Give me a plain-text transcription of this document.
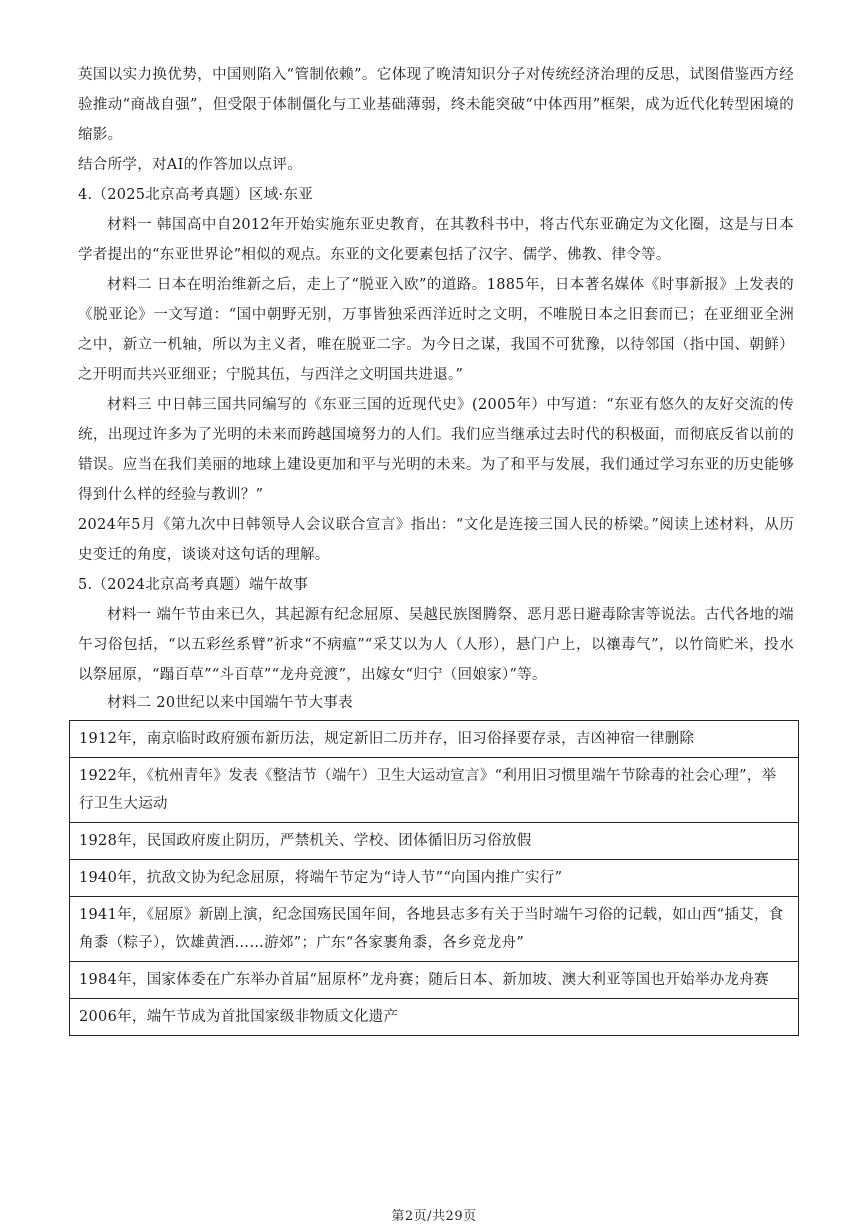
英国以实力换优势，中国则陷入“管制依赖”。它体现了晚清知识分子对传统经济治理的反思，试图借鉴西方经验推动“商战自强”，但受限于体制僵化与工业基础薄弱，终未能突破“中体西用”框架，成为近代化转型困境的缩影。

结合所学，对AI的作答加以点评。

4.（2025北京高考真题）区域·东亚

材料一 韩国高中自2012年开始实施东亚史教育，在其教科书中，将古代东亚确定为文化圈，这是与日本学者提出的“东亚世界论”相似的观点。东亚的文化要素包括了汉字、儒学、佛教、律令等。

材料二 日本在明治维新之后，走上了“脱亚入欧”的道路。1885年，日本著名媒体《时事新报》上发表的《脱亚论》一文写道：“国中朝野无别，万事皆独采西洋近时之文明，不唯脱日本之旧套而已；在亚细亚全洲之中，新立一机轴，所以为主义者，唯在脱亚二字。为今日之谋，我国不可犹豫，以待邻国（指中国、朝鲜）之开明而共兴亚细亚；宁脱其伍，与西洋之文明国共进退。”

材料三 中日韩三国共同编写的《东亚三国的近现代史》(2005年）中写道：“东亚有悠久的友好交流的传统，出现过许多为了光明的未来而跨越国境努力的人们。我们应当继承过去时代的积极面，而彻底反省以前的错误。应当在我们美丽的地球上建设更加和平与光明的未来。为了和平与发展，我们通过学习东亚的历史能够得到什么样的经验与教训？”

2024年5月《第九次中日韩领导人会议联合宣言》指出：“文化是连接三国人民的桥梁。”阅读上述材料，从历史变迁的角度，谈谈对这句话的理解。

5.（2024北京高考真题）端午故事

材料一 端午节由来已久，其起源有纪念屈原、吴越民族图腾祭、恶月恶日避毒除害等说法。古代各地的端午习俗包括，“以五彩丝系臂”祈求“不病瘟”“采艾以为人（人形），悬门户上，以禳毒气”，以竹筒贮米，投水以祭屈原，“蹋百草”“斗百草”“龙舟竞渡”，出嫁女“归宁（回娘家）”等。

材料二 20世纪以来中国端午节大事表

1912年，南京临时政府颁布新历法，规定新旧二历并存，旧习俗择要存录，吉凶神宿一律删除
1922年，《杭州青年》发表《整洁节（端午）卫生大运动宣言》“利用旧习惯里端午节除毒的社会心理”，举行卫生大运动
1928年，民国政府废止阴历，严禁机关、学校、团体循旧历习俗放假
1940年，抗敌文协为纪念屈原，将端午节定为“诗人节”“向国内推广实行”
1941年，《屈原》新剧上演，纪念国殇民国年间，各地县志多有关于当时端午习俗的记载，如山西“插艾，食角黍（粽子），饮雄黄酒……游郊”；广东“各家裹角黍，各乡竞龙舟”
1984年，国家体委在广东举办首届“屈原杯”龙舟赛；随后日本、新加坡、澳大利亚等国也开始举办龙舟赛
2006年，端午节成为首批国家级非物质文化遗产
第2页/共29页
